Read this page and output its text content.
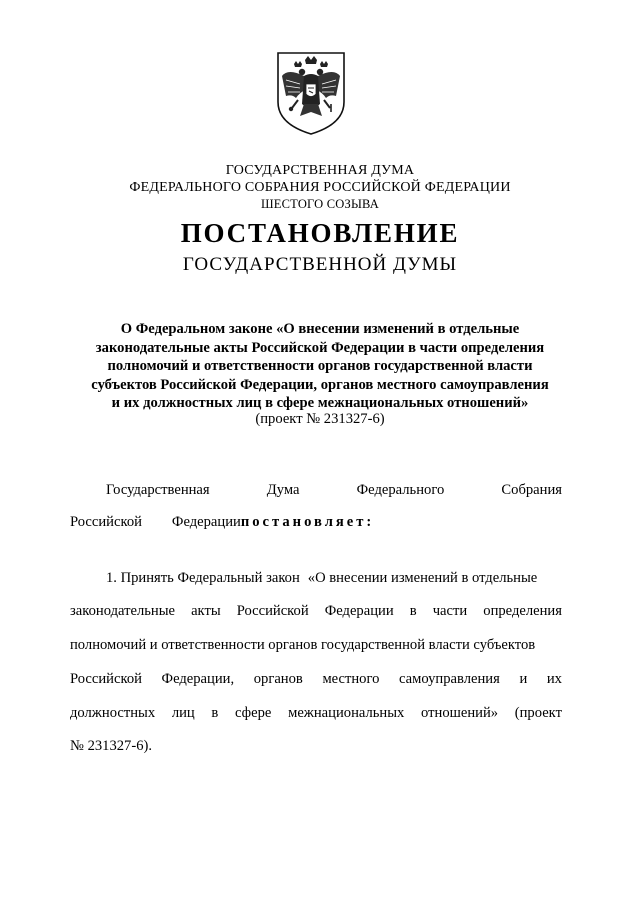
ГОСУДАРСТВЕННАЯ ДУМА
ФЕДЕРАЛЬНОГО СОБРАНИЯ РОССИЙСКОЙ ФЕДЕРАЦИИ
ШЕСТОГО СОЗЫВА
ПОСТАНОВЛЕНИЕ
ГОСУДАРСТВЕННОЙ ДУМЫ
О Федеральном законе «О внесении изменений в отдельные
законодательные акты Российской Федерации в части определения
полномочий и ответственности органов государственной власти
субъектов Российской Федерации, органов местного самоуправления
и их должностных лиц в сфере межнациональных отношений»
(проект № 231327-6)
Государственная	Дума	Федерального	Собрания
Российской Федерациипостановляет:
1. Принять Федеральный закон «О внесении изменений в отдельные
законодательные акты Российской Федерации в части определения
полномочий и ответственности органов государственной власти субъектов
Российской Федерации, органов местного самоуправления и их
должностных лиц в сфере межнациональных отношений» (проект
№ 231327-6).
